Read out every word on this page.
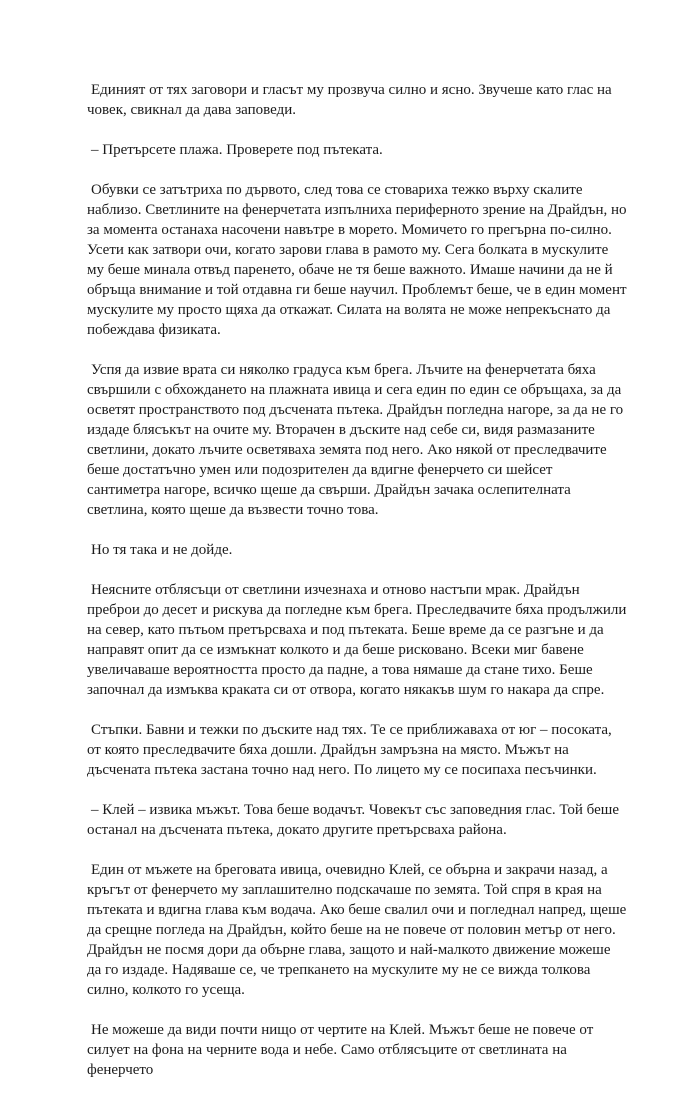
Единият от тях заговори и гласът му прозвуча силно и ясно. Звучеше като глас на човек, свикнал да дава заповеди.

– Претърсете плажа. Проверете под пътеката.

Обувки се затътриха по дървото, след това се стовариха тежко върху скалите наблизо. Светлините на фенерчетата изпълниха периферното зрение на Драйдън, но за момента останаха насочени навътре в морето. Момичето го прегърна по-силно. Усети как затвори очи, когато зарови глава в рамото му. Сега болката в мускулите му беше минала отвъд паренето, обаче не тя беше важното. Имаше начини да не й обръща внимание и той отдавна ги беше научил. Проблемът беше, че в един момент мускулите му просто щяха да откажат. Силата на волята не може непрекъснато да побеждава физиката.

Успя да извие врата си няколко градуса към брега. Лъчите на фенерчетата бяха свършили с обхождането на плажната ивица и сега един по един се обръщаха, за да осветят пространството под дъсчената пътека. Драйдън погледна нагоре, за да не го издаде блясъкът на очите му. Вторачен в дъските над себе си, видя размазаните светлини, докато лъчите осветяваха земята под него. Ако някой от преследвачите беше достатъчно умен или подозрителен да вдигне фенерчето си шейсет сантиметра нагоре, всичко щеше да свърши. Драйдън зачака ослепителната светлина, която щеше да възвести точно това.

Но тя така и не дойде.

Неясните отблясъци от светлини изчезнаха и отново настъпи мрак. Драйдън преброи до десет и рискува да погледне към брега. Преследвачите бяха продължили на север, като пътьом претърсваха и под пътеката. Беше време да се разгъне и да направят опит да се измъкнат колкото и да беше рисковано. Всеки миг бавене увеличаваше вероятността просто да падне, а това нямаше да стане тихо. Беше започнал да измъква краката си от отвора, когато някакъв шум го накара да спре.

Стъпки. Бавни и тежки по дъските над тях. Те се приближаваха от юг – посоката, от която преследвачите бяха дошли. Драйдън замръзна на място. Мъжът на дъсчената пътека застана точно над него. По лицето му се посипаха песъчинки.

– Клей – извика мъжът. Това беше водачът. Човекът със заповедния глас. Той беше останал на дъсчената пътека, докато другите претърсваха района.

Един от мъжете на бреговата ивица, очевидно Клей, се обърна и закрачи назад, а кръгът от фенерчето му заплашително подскачаше по земята. Той спря в края на пътеката и вдигна глава към водача. Ако беше свалил очи и погледнал напред, щеше да срещне погледа на Драйдън, който беше на не повече от половин метър от него. Драйдън не посмя дори да обърне глава, защото и най-малкото движение можеше да го издаде. Надяваше се, че трепкането на мускулите му не се вижда толкова силно, колкото го усеща.

Не можеше да види почти нищо от чертите на Клей. Мъжът беше не повече от силует на фона на черните вода и небе. Само отблясъците от светлината на фенерчето
